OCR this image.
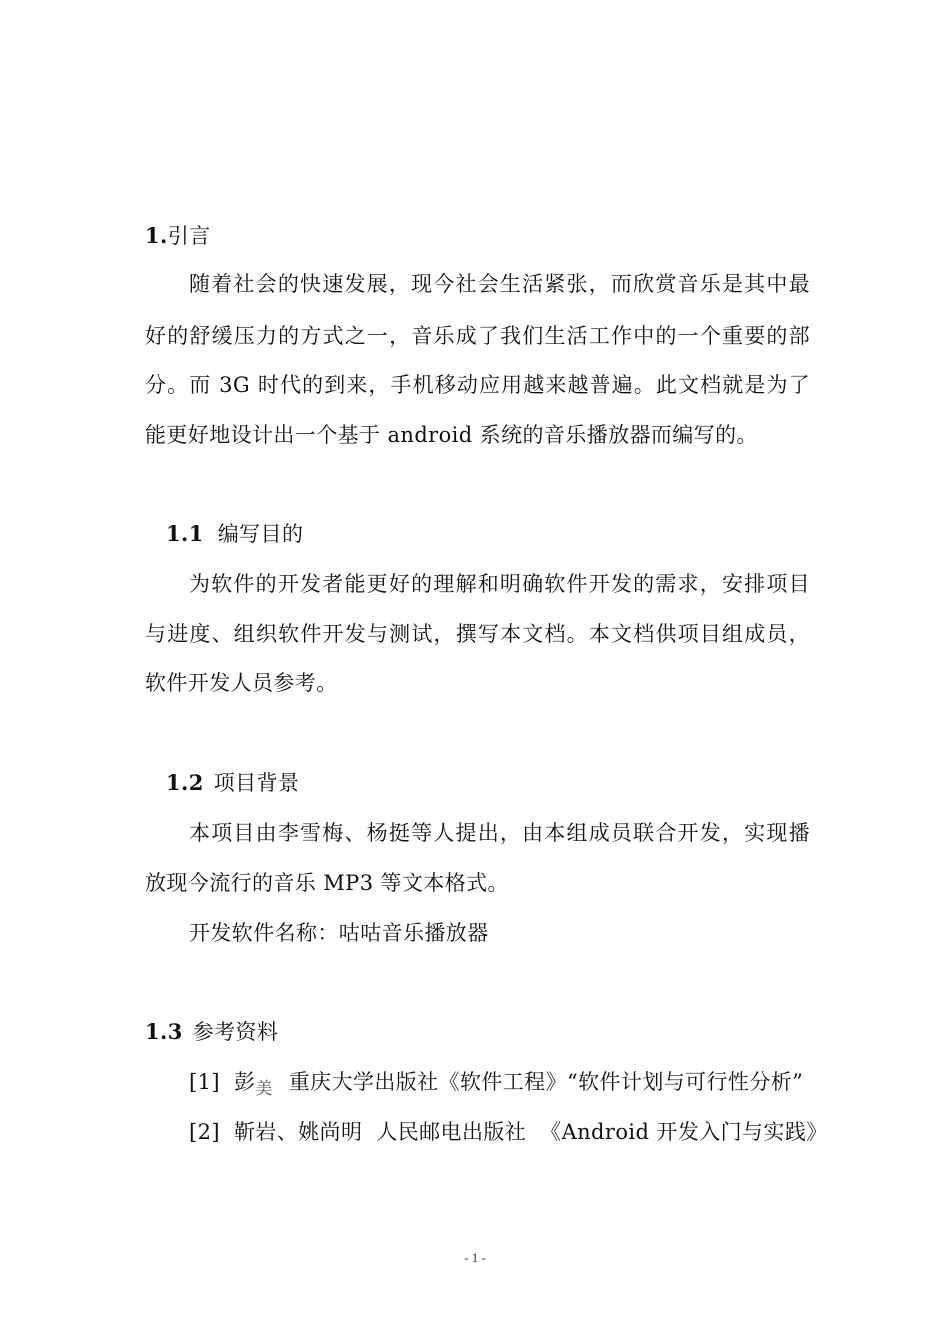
1.引言
随着社会的快速发展，现今社会生活紧张，而欣赏音乐是其中最
好的舒缓压力的方式之一，音乐成了我们生活工作中的一个重要的部
分。而 3G 时代的到来，手机移动应用越来越普遍。此文档就是为了
能更好地设计出一个基于 android 系统的音乐播放器而编写的。
1.1 编写目的
为软件的开发者能更好的理解和明确软件开发的需求，安排项目
与进度、组织软件开发与测试，撰写本文档。本文档供项目组成员，
软件开发人员参考。
1.2 项目背景
本项目由李雪梅、杨挺等人提出，由本组成员联合开发，实现播
放现今流行的音乐 MP3 等文本格式。
开发软件名称：咕咕音乐播放器
1.3 参考资料
[1] 彭美 重庆大学出版社《软件工程》“软件计划与可行性分析”
[2] 靳岩、姚尚明 人民邮电出版社 《Android 开发入门与实践》
- 1 -
